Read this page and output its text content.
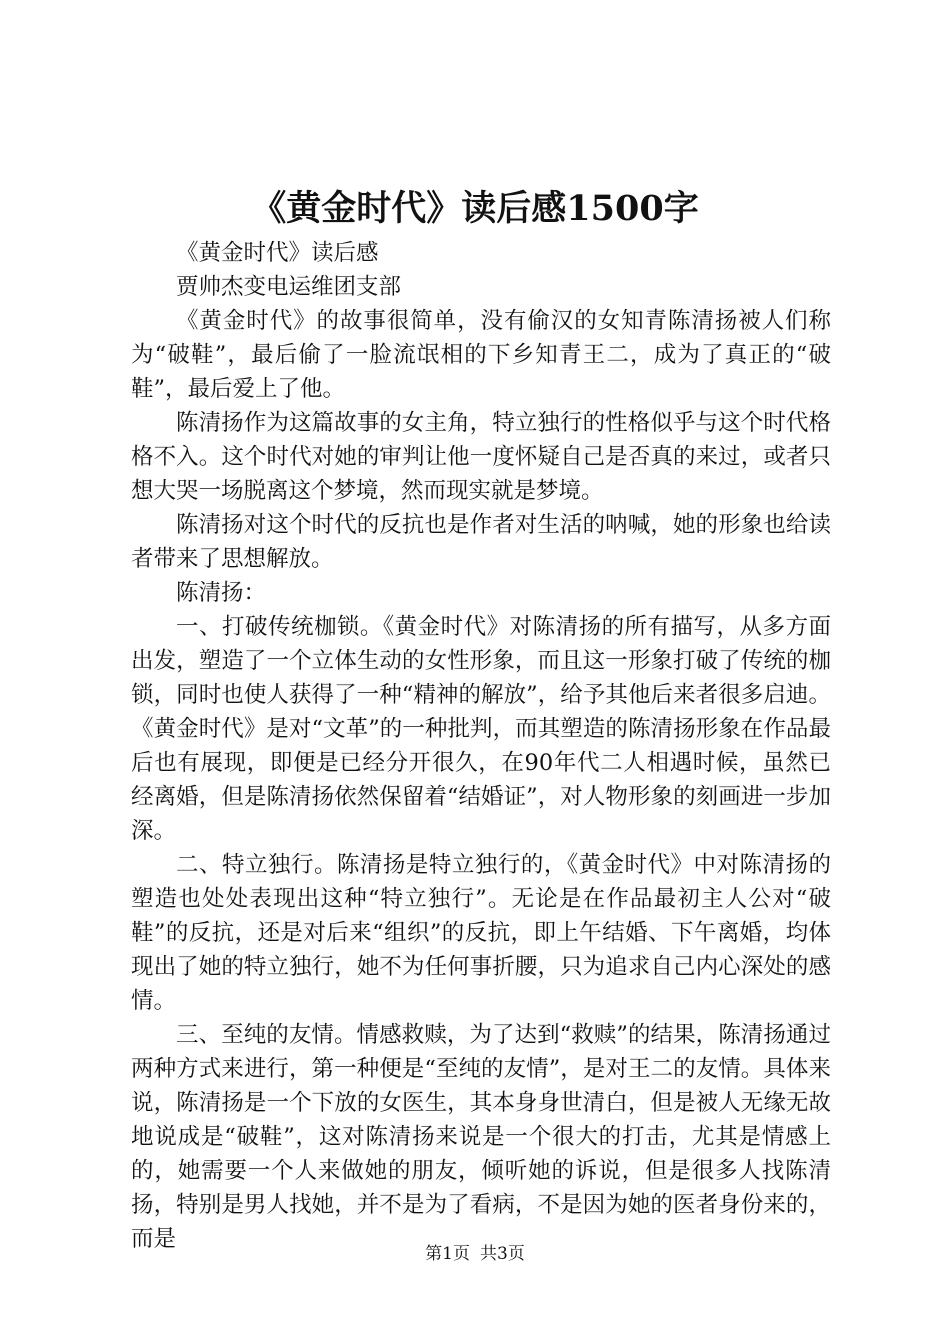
《黄金时代》读后感1500字

《黄金时代》读后感

贾帅杰变电运维团支部

《黄金时代》的故事很简单，没有偷汉的女知青陈清扬被人们称为“破鞋”，最后偷了一脸流氓相的下乡知青王二，成为了真正的“破鞋”，最后爱上了他。

陈清扬作为这篇故事的女主角，特立独行的性格似乎与这个时代格格不入。这个时代对她的审判让他一度怀疑自己是否真的来过，或者只想大哭一场脱离这个梦境，然而现实就是梦境。

陈清扬对这个时代的反抗也是作者对生活的呐喊，她的形象也给读者带来了思想解放。

陈清扬：

一、打破传统枷锁。《黄金时代》对陈清扬的所有描写，从多方面出发，塑造了一个立体生动的女性形象，而且这一形象打破了传统的枷锁，同时也使人获得了一种“精神的解放”，给予其他后来者很多启迪。《黄金时代》是对“文革”的一种批判，而其塑造的陈清扬形象在作品最后也有展现，即便是已经分开很久，在90年代二人相遇时候，虽然已经离婚，但是陈清扬依然保留着“结婚证”，对人物形象的刻画进一步加深。

二、特立独行。陈清扬是特立独行的，《黄金时代》中对陈清扬的塑造也处处表现出这种“特立独行”。无论是在作品最初主人公对“破鞋”的反抗，还是对后来“组织”的反抗，即上午结婚、下午离婚，均体现出了她的特立独行，她不为任何事折腰，只为追求自己内心深处的感情。

三、至纯的友情。情感救赎，为了达到“救赎”的结果，陈清扬通过两种方式来进行，第一种便是“至纯的友情”，是对王二的友情。具体来说，陈清扬是一个下放的女医生，其本身身世清白，但是被人无缘无故地说成是“破鞋”，这对陈清扬来说是一个很大的打击，尤其是情感上的，她需要一个人来做她的朋友，倾听她的诉说，但是很多人找陈清扬，特别是男人找她，并不是为了看病，不是因为她的医者身份来的，而是

第1页 共3页
